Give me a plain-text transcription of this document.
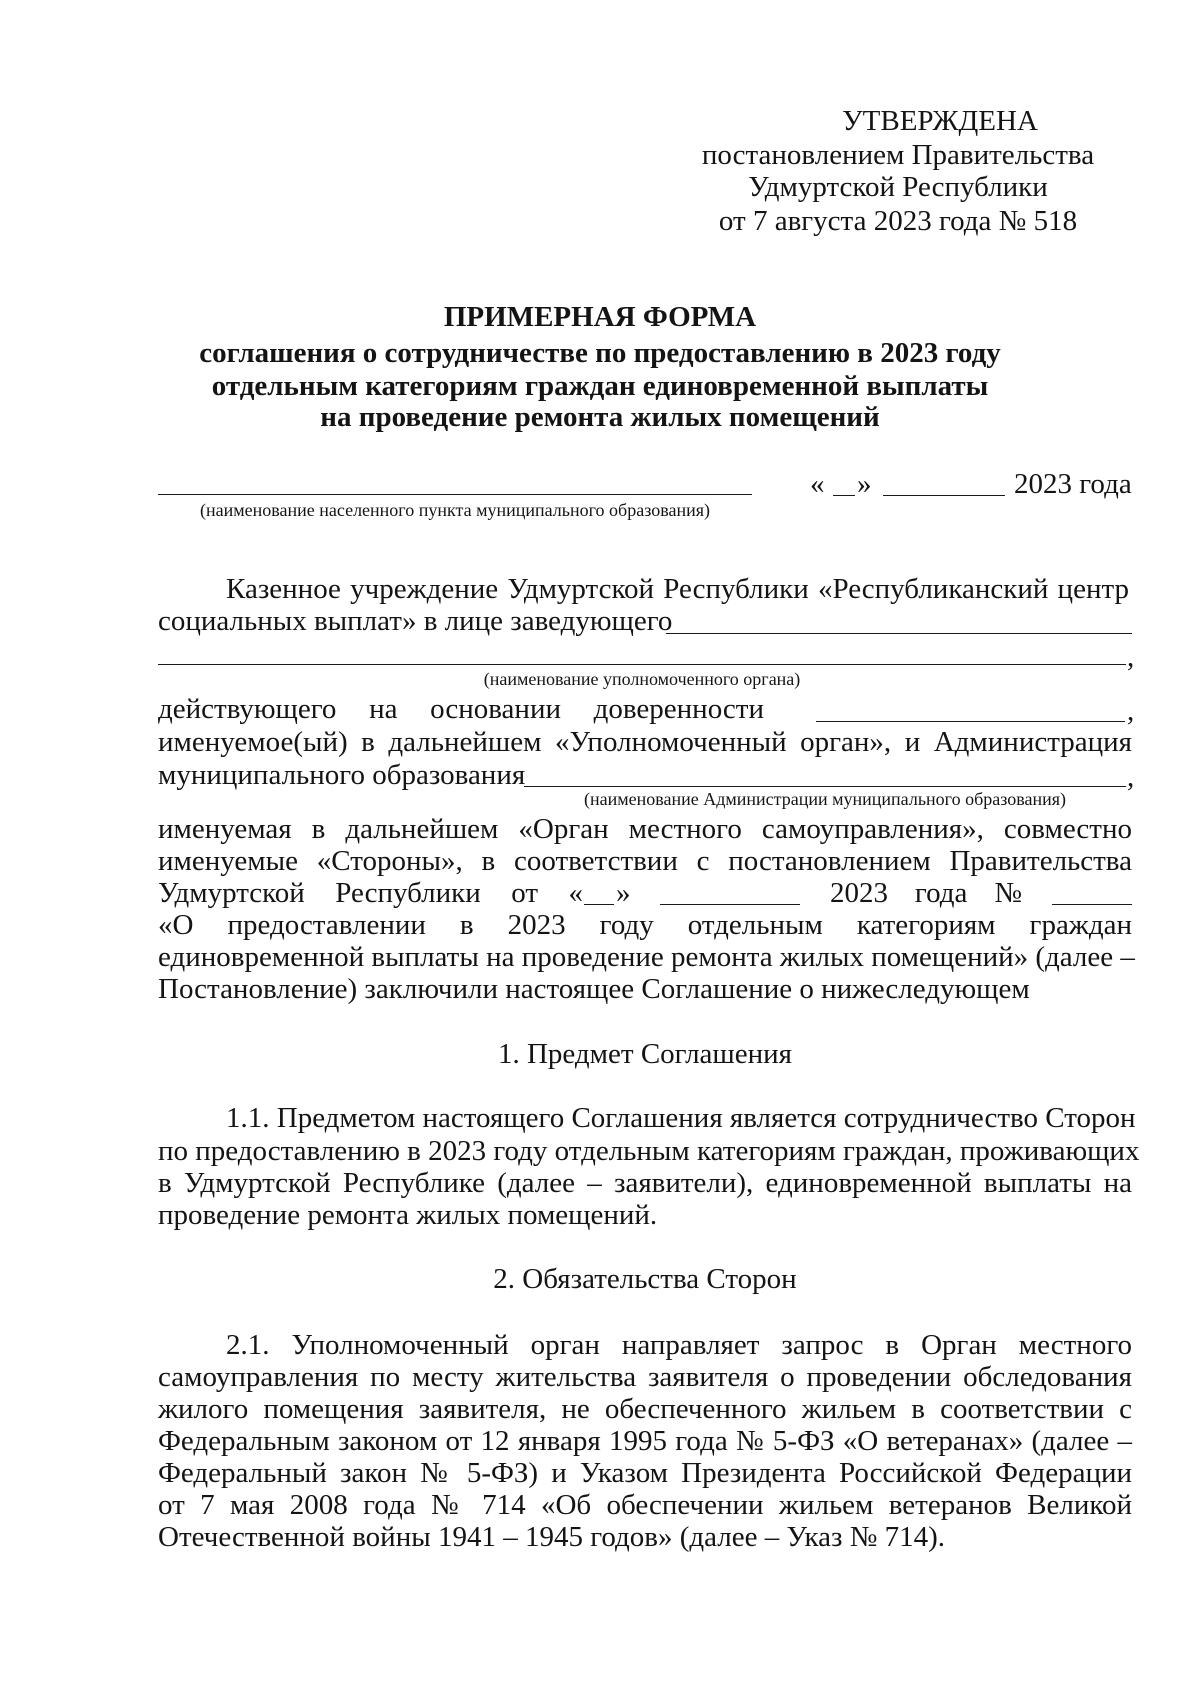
УТВЕРЖДЕНА
постановлением Правительства
Удмуртской Республики
от 7 августа 2023 года № 518
ПРИМЕРНАЯ ФОРМА
соглашения о сотрудничестве по предоставлению в 2023 году
отдельным категориям граждан единовременной выплаты
на проведение ремонта жилых помещений
(наименование населенного пункта муниципального образования)
« »	2023 года
Казенное учреждение Удмуртской Республики «Республиканский центр
социальных выплат» в лице заведующего
,
(наименование уполномоченного органа)
действующего на основании доверенности	,
именуемое(ый) в дальнейшем «Уполномоченный орган», и Администрация
муниципального образования	,
(наименование Администрации муниципального образования)
именуемая в дальнейшем «Орган местного самоуправления», совместно
именуемые «Стороны», в соответствии с постановлением Правительства
Удмуртской Республики от « »	2023 года №
«О предоставлении в 2023 году отдельным категориям граждан
единовременной выплаты на проведение ремонта жилых помещений» (далее –
Постановление) заключили настоящее Соглашение о нижеследующем
1. Предмет Соглашения
1.1. Предметом настоящего Соглашения является сотрудничество Сторон
по предоставлению в 2023 году отдельным категориям граждан, проживающих
в Удмуртской Республике (далее – заявители), единовременной выплаты на
проведение ремонта жилых помещений.
2. Обязательства Сторон
2.1. Уполномоченный орган направляет запрос в Орган местного
самоуправления по месту жительства заявителя о проведении обследования
жилого помещения заявителя, не обеспеченного жильем в соответствии с
Федеральным законом от 12 января 1995 года № 5-ФЗ «О ветеранах» (далее –
Федеральный закон № 5-ФЗ) и Указом Президента Российской Федерации
от 7 мая 2008 года № 714 «Об обеспечении жильем ветеранов Великой
Отечественной войны 1941 – 1945 годов» (далее – Указ № 714).
